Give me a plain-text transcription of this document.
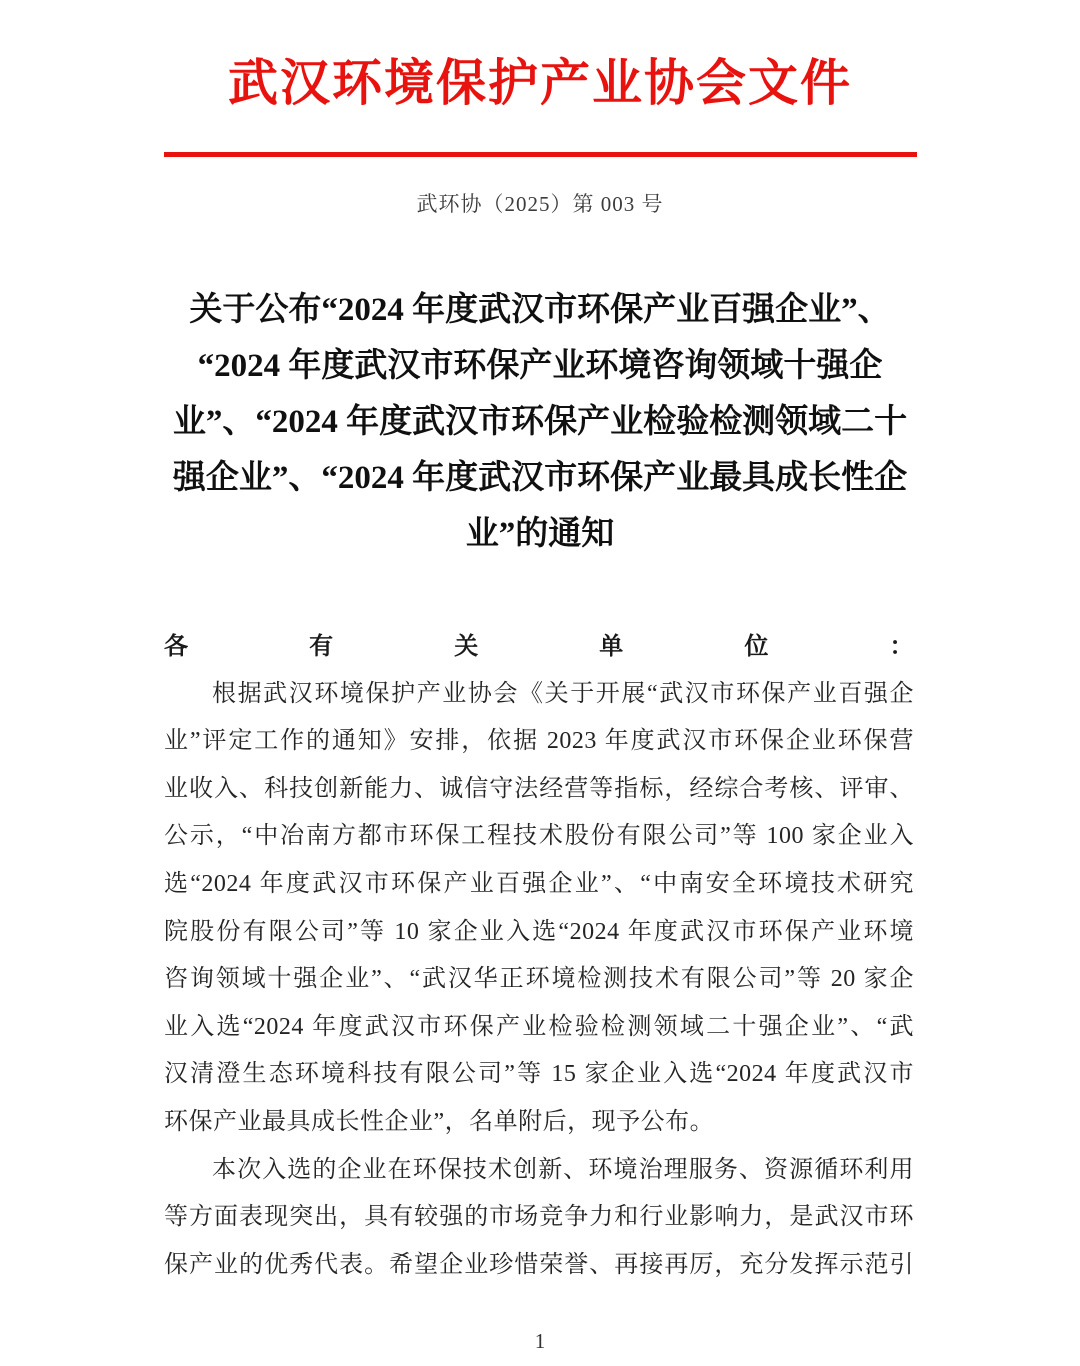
武汉环境保护产业协会文件
武环协（2025）第 003 号
关于公布“2024 年度武汉市环保产业百强企业”、
“2024 年度武汉市环保产业环境咨询领域十强企
业”、“2024 年度武汉市环保产业检验检测领域二十
强企业”、“2024 年度武汉市环保产业最具成长性企
业”的通知
各有关单位：
根据武汉环境保护产业协会《关于开展“武汉市环保产业百强企
业”评定工作的通知》安排，依据 2023 年度武汉市环保企业环保营
业收入、科技创新能力、诚信守法经营等指标，经综合考核、评审、
公示，“中冶南方都市环保工程技术股份有限公司”等 100 家企业入
选“2024 年度武汉市环保产业百强企业”、“中南安全环境技术研究
院股份有限公司”等 10 家企业入选“2024 年度武汉市环保产业环境
咨询领域十强企业”、“武汉华正环境检测技术有限公司”等 20 家企
业入选“2024 年度武汉市环保产业检验检测领域二十强企业”、“武
汉清澄生态环境科技有限公司”等 15 家企业入选“2024 年度武汉市
环保产业最具成长性企业”，名单附后，现予公布。
本次入选的企业在环保技术创新、环境治理服务、资源循环利用
等方面表现突出，具有较强的市场竞争力和行业影响力，是武汉市环
保产业的优秀代表。希望企业珍惜荣誉、再接再厉，充分发挥示范引
1
